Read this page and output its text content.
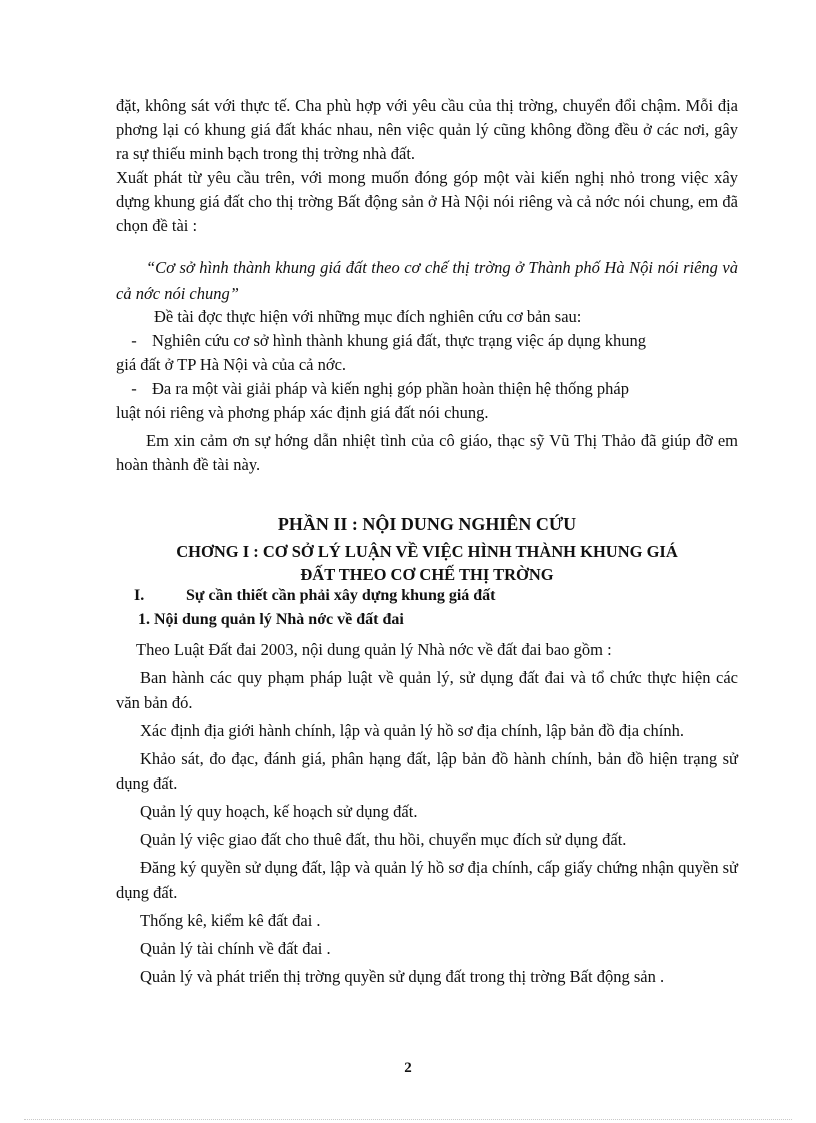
đặt, không sát với thực tế. Cha phù hợp với yêu cầu của thị trờng, chuyển đổi chậm. Mỗi địa phơng lại có khung giá đất khác nhau, nên việc quản lý cũng không đồng đều ở các nơi, gây ra sự thiếu minh bạch trong thị trờng nhà đất.

Xuất phát từ yêu cầu trên, với mong muốn đóng góp một vài kiến nghị nhỏ trong việc xây dựng khung giá đất cho thị trờng Bất động sản ở Hà Nội nói riêng và cả nớc nói chung, em đã chọn đề tài :

“Cơ sở hình thành khung giá đất theo cơ chế thị trờng ở Thành phố Hà Nội nói riêng và cả nớc nói chung”

Đề tài đợc thực hiện với những mục đích nghiên cứu cơ bản sau:

- Nghiên cứu cơ sở hình thành khung giá đất, thực trạng việc áp dụng khung

giá đất ở TP Hà Nội và của cả nớc.

- Đa ra một vài giải pháp và kiến nghị góp phần hoàn thiện hệ thống pháp

luật nói riêng và phơng pháp xác định giá đất nói chung.

Em xin cảm ơn sự hớng dẫn nhiệt tình của cô giáo, thạc sỹ Vũ Thị Thảo đã giúp đỡ em hoàn thành đề tài này.

PHẦN II : NỘI DUNG NGHIÊN CỨU
CHƠNG I : CƠ SỞ LÝ LUẬN VỀ VIỆC HÌNH THÀNH KHUNG GIÁ
ĐẤT THEO CƠ CHẾ THỊ TRỜNG
I.	Sự cần thiết cần phải xây dựng khung giá đất
1. Nội dung quản lý Nhà nớc về đất đai

Theo Luật Đất đai 2003, nội dung quản lý Nhà nớc về đất đai bao gồm :

Ban hành các quy phạm pháp luật về quản lý, sử dụng đất đai và tổ chức thực hiện các văn bản đó.

Xác định địa giới hành chính, lập và quản lý hồ sơ địa chính, lập bản đồ địa chính.

Khảo sát, đo đạc, đánh giá, phân hạng đất, lập bản đồ hành chính, bản đồ hiện trạng sử dụng đất.

Quản lý quy hoạch, kế hoạch sử dụng đất.

Quản lý việc giao đất cho thuê đất, thu hồi, chuyển mục đích sử dụng đất.

Đăng ký quyền sử dụng đất, lập và quản lý hồ sơ địa chính, cấp giấy chứng nhận quyền sử dụng đất.

Thống kê, kiểm kê đất đai .

Quản lý tài chính về đất đai .

Quản lý và phát triển thị trờng quyền sử dụng đất trong thị trờng Bất động sản .

2
